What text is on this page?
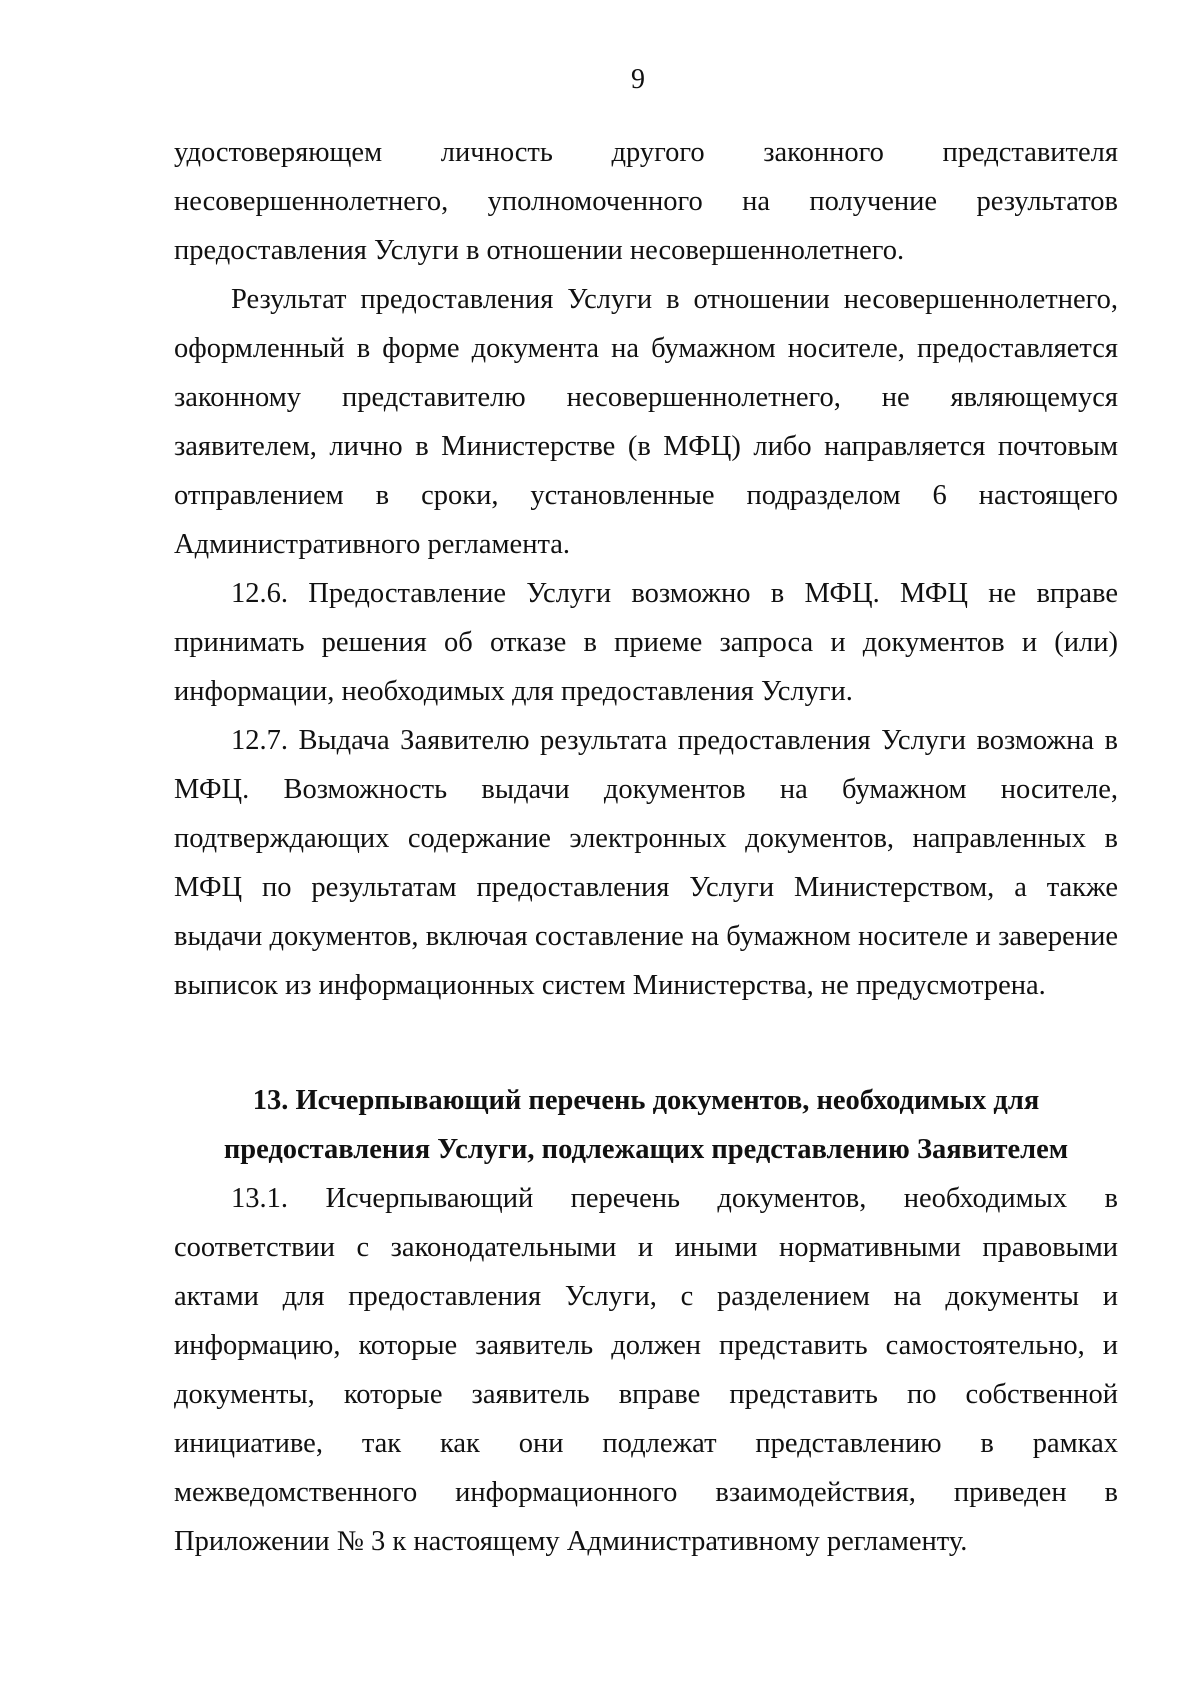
9

удостоверяющем личность другого законного представителя несовершеннолетнего, уполномоченного на получение результатов предоставления Услуги в отношении несовершеннолетнего.

Результат предоставления Услуги в отношении несовершеннолетнего, оформленный в форме документа на бумажном носителе, предоставляется законному представителю несовершеннолетнего, не являющемуся заявителем, лично в Министерстве (в МФЦ) либо направляется почтовым отправлением в сроки, установленные подразделом 6 настоящего Административного регламента.

12.6. Предоставление Услуги возможно в МФЦ. МФЦ не вправе принимать решения об отказе в приеме запроса и документов и (или) информации, необходимых для предоставления Услуги.

12.7. Выдача Заявителю результата предоставления Услуги возможна в МФЦ. Возможность выдачи документов на бумажном носителе, подтверждающих содержание электронных документов, направленных в МФЦ по результатам предоставления Услуги Министерством, а также выдачи документов, включая составление на бумажном носителе и заверение выписок из информационных систем Министерства, не предусмотрена.

13. Исчерпывающий перечень документов, необходимых для предоставления Услуги, подлежащих представлению Заявителем

13.1. Исчерпывающий перечень документов, необходимых в соответствии с законодательными и иными нормативными правовыми актами для предоставления Услуги, с разделением на документы и информацию, которые заявитель должен представить самостоятельно, и документы, которые заявитель вправе представить по собственной инициативе, так как они подлежат представлению в рамках межведомственного информационного взаимодействия, приведен в Приложении № 3 к настоящему Административному регламенту.
